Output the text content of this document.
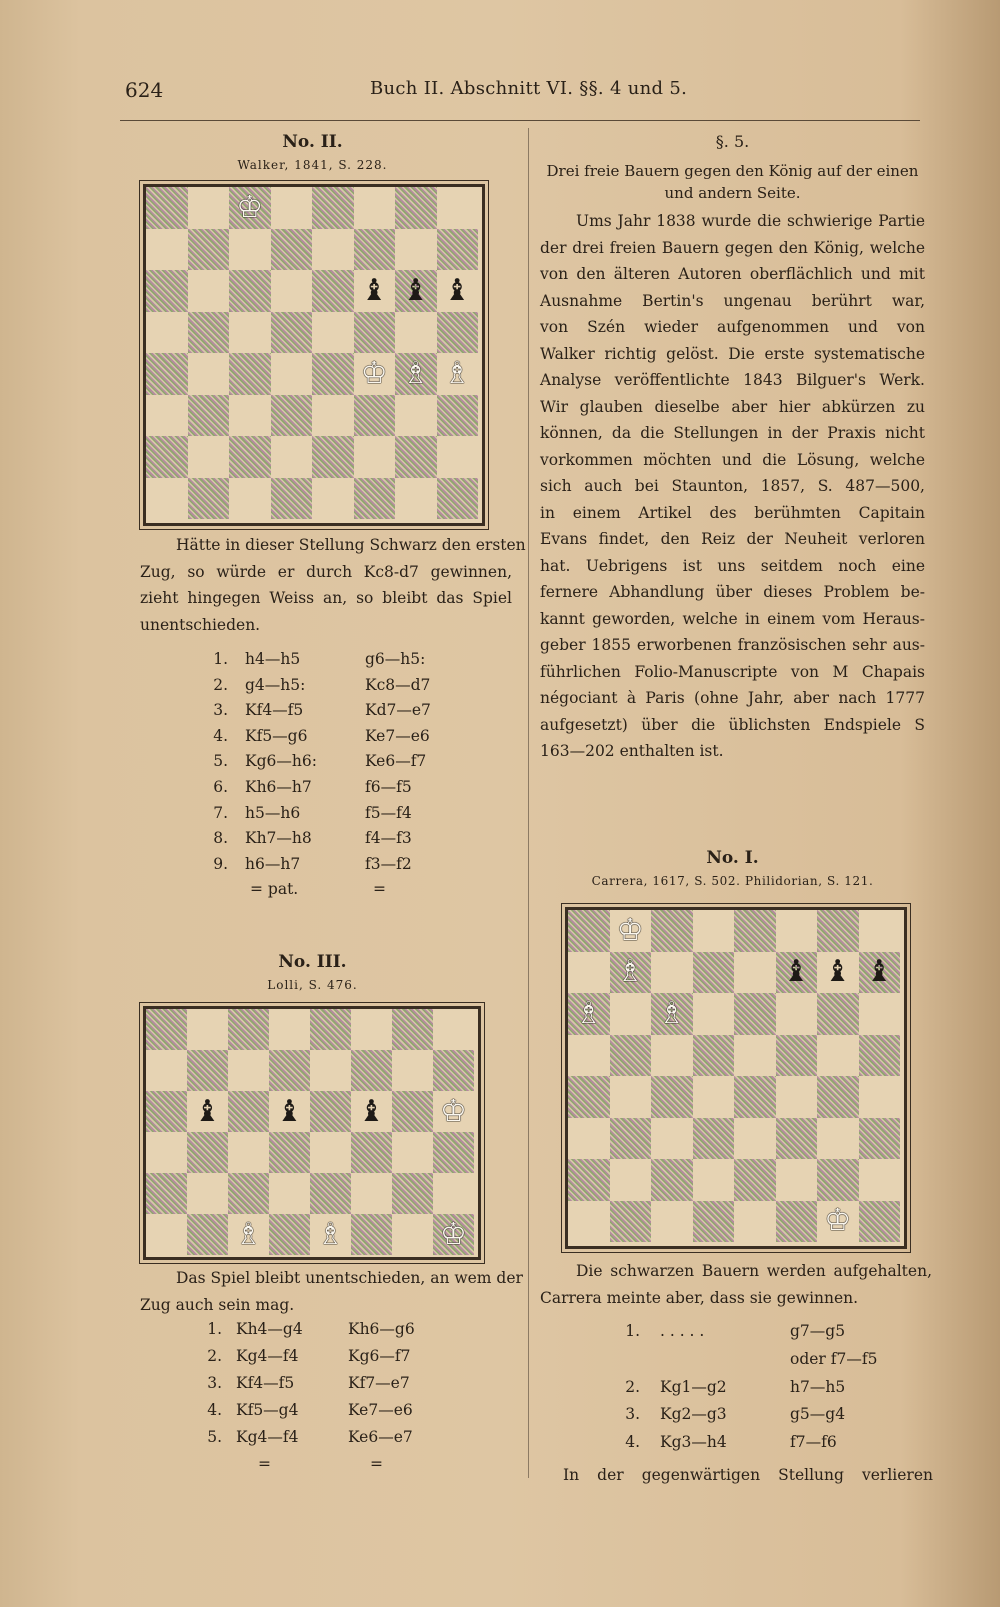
624	Buch II. Abschnitt VI. §§. 4 und 5.
No. II.
Walker, 1841, S. 228.
♔
♝ ♝ ♝
♔ ♗ ♗
Hätte in dieser Stellung Schwarz den ersten
Zug, so würde er durch Kc8-d7 gewinnen,
zieht hingegen Weiss an, so bleibt das Spiel
unentschieden.
1. h4—h5	g6—h5:
2. g4—h5:	Kc8—d7
3. Kf4—f5	Kd7—e7
4. Kf5—g6	Ke7—e6
5. Kg6—h6:	Ke6—f7
6. Kh6—h7	f6—f5
7. h5—h6	f5—f4
8. Kh7—h8	f4—f3
9. h6—h7	f3—f2
= pat.	=
No. III.
Lolli, S. 476.
♝ ♝ ♝ ♔
♗ ♗	♔
Das Spiel bleibt unentschieden, an wem der
Zug auch sein mag.
1. Kh4—g4	Kh6—g6
2. Kg4—f4	Kg6—f7
3. Kf4—f5	Kf7—e7
4. Kf5—g4	Ke7—e6
5. Kg4—f4	Ke6—e7
=	=
§. 5.
Drei freie Bauern gegen den König auf der einen
und andern Seite.
Ums Jahr 1838 wurde die schwierige Partie
der drei freien Bauern gegen den König, welche
von den älteren Autoren oberflächlich und mit
Ausnahme Bertin's ungenau berührt war,
von Szén wieder aufgenommen und von
Walker richtig gelöst. Die erste systematische
Analyse veröffentlichte 1843 Bilguer's Werk.
Wir glauben dieselbe aber hier abkürzen zu
können, da die Stellungen in der Praxis nicht
vorkommen möchten und die Lösung, welche
sich auch bei Staunton, 1857, S. 487—500,
in einem Artikel des berühmten Capitain
Evans findet, den Reiz der Neuheit verloren
hat. Uebrigens ist uns seitdem noch eine
fernere Abhandlung über dieses Problem be-
kannt geworden, welche in einem vom Heraus-
geber 1855 erworbenen französischen sehr aus-
führlichen Folio-Manuscripte von M Chapais
négociant à Paris (ohne Jahr, aber nach 1777
aufgesetzt) über die üblichsten Endspiele S
163—202 enthalten ist.
No. I.
Carrera, 1617, S. 502. Philidorian, S. 121.
♔
♗	♝ ♝ ♝
♗ ♗
♔
Die schwarzen Bauern werden aufgehalten,
Carrera meinte aber, dass sie gewinnen.
1. . . . . .	g7—g5
oder f7—f5
2. Kg1—g2	h7—h5
3. Kg2—g3	g5—g4
4. Kg3—h4	f7—f6
In der gegenwärtigen Stellung verlieren
